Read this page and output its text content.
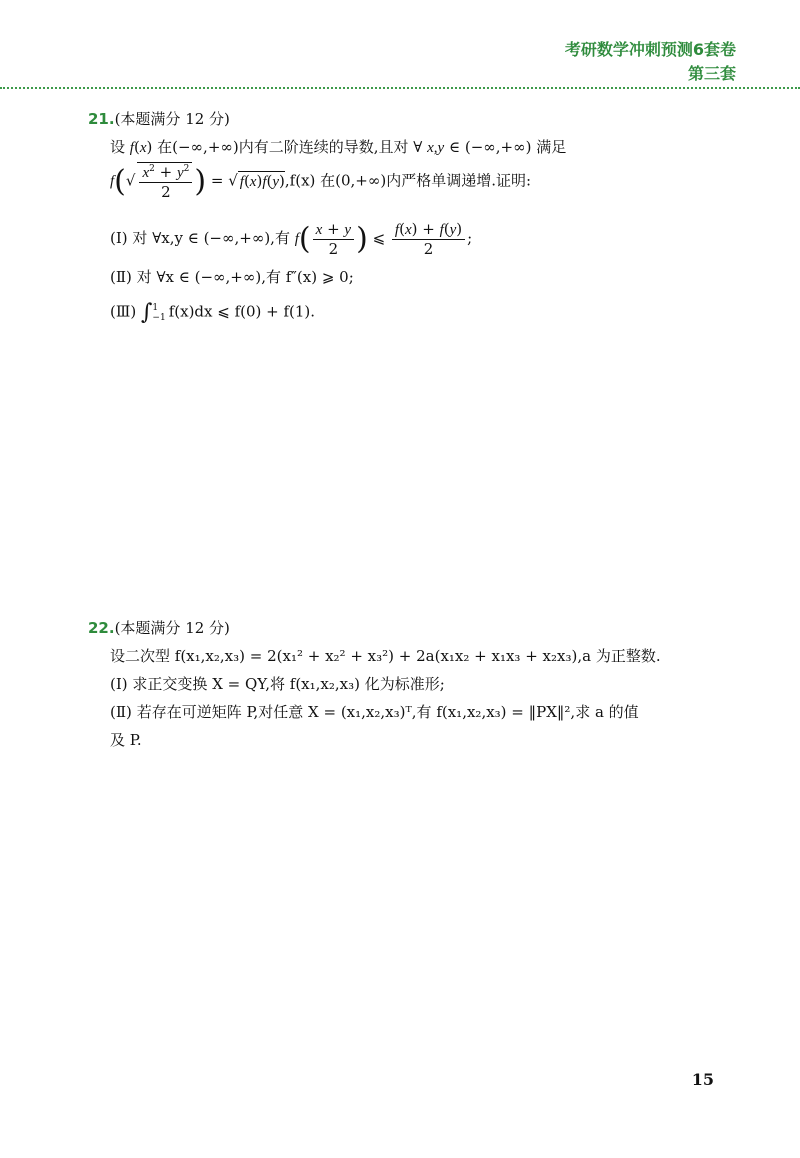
考研数学冲刺预测6套卷
第三套
21.(本题满分 12 分)
设 f(x) 在(−∞,+∞)内有二阶连续的导数,且对 ∀ x,y ∈ (−∞,+∞) 满足
$f(√ \frac{x^2 + y^2}{2}$ ) = √ f(x)f(y),f(x) 在(0,+∞)内严格单调递增.证明:
(Ⅰ) 对 ∀x,y ∈ (−∞,+∞),有 $f( \frac{x + y}{2}$ ) ⩽ $\frac{f(x) + f(y)}{2}$ ;
(Ⅱ) 对 ∀x ∈ (−∞,+∞),有 f″(x) ⩾ 0;
(Ⅲ) ∫1
−1 f(x)dx ⩽ f(0) + f(1).
22.(本题满分 12 分)
设二次型 f(x₁,x₂,x₃) = 2(x₁² + x₂² + x₃²) + 2a(x₁x₂ + x₁x₃ + x₂x₃),a 为正整数.
(Ⅰ) 求正交变换 X = QY,将 f(x₁,x₂,x₃) 化为标准形;
(Ⅱ) 若存在可逆矩阵 P,对任意 X = (x₁,x₂,x₃)ᵀ,有 f(x₁,x₂,x₃) = ‖PX‖²,求 a 的值
及 P.
15
